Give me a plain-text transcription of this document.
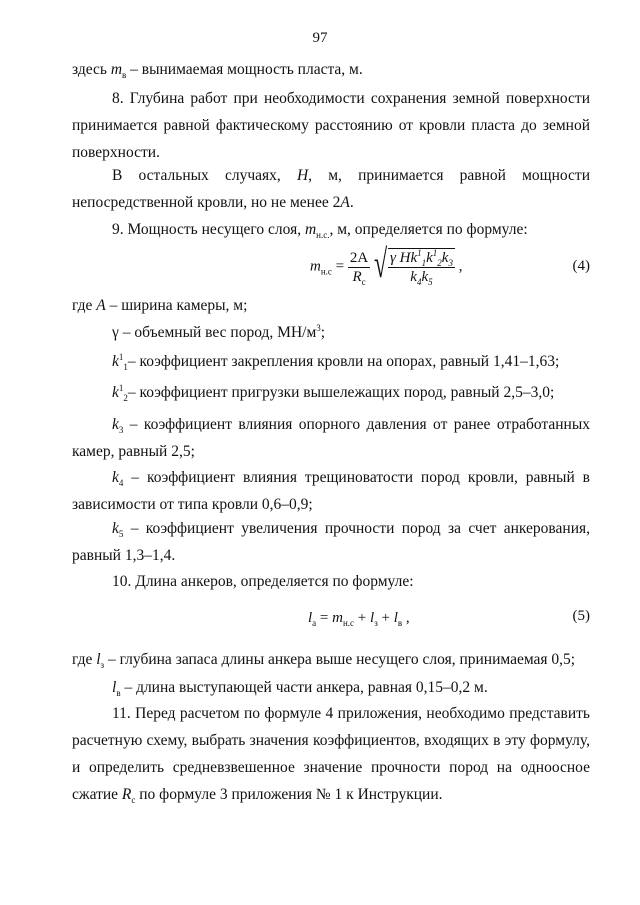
97

здесь $m_в$ – вынимаемая мощность пласта, м.

8. Глубина работ при необходимости сохранения земной поверхности принимается равной фактическому расстоянию от кровли пласта до земной поверхности.

В остальных случаях, H, м, принимается равной мощности непосредственной кровли, но не менее 2A.

9. Мощность несущего слоя, $m_{н.с.}$, м, определяется по формуле:

$m_{н.с} = \frac{2A}{R_с}$
√ $\frac{\gamma Hk^1_1k^1_2k_3}{k_4k_5}$ ,	(4)

где A – ширина камеры, м;

γ – объемный вес пород, $МН/м^3$;

$k^1_1-$ коэффициент закрепления кровли на опорах, равный 1,41–1,63;

$k^1_2-$ коэффициент пригрузки вышележащих пород, равный 2,5–3,0;

$k_3$ – коэффициент влияния опорного давления от ранее отработанных камер, равный 2,5;

$k_4$ – коэффициент влияния трещиноватости пород кровли, равный в зависимости от типа кровли 0,6–0,9;

$k_5$ – коэффициент увеличения прочности пород за счет анкерования, равный 1,3–1,4.

10. Длина анкеров, определяется по формуле:

$l_а = m_{н.с} + l_з + l_в$ ,	(5)

где $l_з$ – глубина запаса длины анкера выше несущего слоя, принимаемая 0,5;

$l_в$ – длина выступающей части анкера, равная 0,15–0,2 м.

11. Перед расчетом по формуле 4 приложения, необходимо представить расчетную схему, выбрать значения коэффициентов, входящих в эту формулу, и определить средневзвешенное значение прочности пород на одноосное сжатие $R_с$ по формуле 3 приложения № 1 к Инструкции.
